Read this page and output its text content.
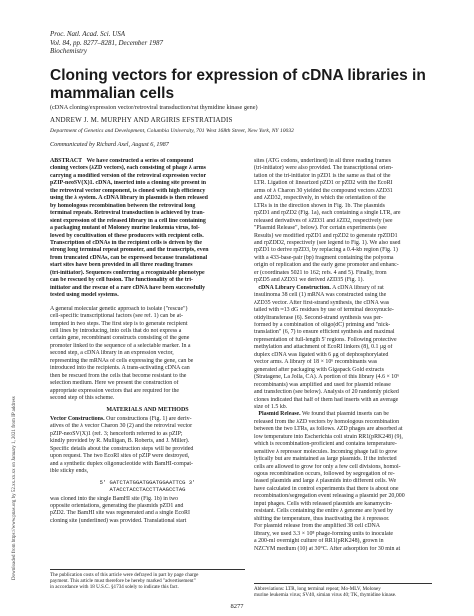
Downloaded from https://www.pnas.org by 52.xx.xx.xx on January 1, 2021 from IP address
Proc. Natl. Acad. Sci. USA
Vol. 84, pp. 8277–8281, December 1987
Biochemistry
Cloning vectors for expression of cDNA libraries in
mammalian cells
(cDNA cloning/expression vector/retroviral transduction/rat thymidine kinase gene)
ANDREW J. M. MURPHY AND ARGIRIS EFSTRATIADIS
Department of Genetics and Development, Columbia University, 701 West 168th Street, New York, NY 10032
Communicated by Richard Axel, August 6, 1987
ABSTRACT We have constructed a series of compound
cloning vectors (λZD vectors), each consisting of phage λ arms
carrying a modified version of the retroviral expression vector
pZIP-neoSV(X)1. cDNA, inserted into a cloning site present in
the retroviral vector component, is cloned with high efficiency
using the λ system. A cDNA library in plasmids is then released
by homologous recombination between the retroviral long
terminal repeats. Retroviral transduction is achieved by tran-
sient expression of the released library in a cell line containing
a packaging mutant of Moloney murine leukemia virus, fol-
lowed by cocultivation of these producers with recipient cells.
Transcription of cDNAs in the recipient cells is driven by the
strong long terminal repeat promoter, and the transcripts, even
from truncated cDNAs, can be expressed because translational
start sites have been provided in all three reading frames
(tri-initiator). Sequences conferring a recognizable phenotype
can be rescued by cell fusion. The functionality of the tri-
initiator and the rescue of a rare cDNA have been successfully
tested using model systems.
A general molecular genetic approach to isolate ("rescue")
cell-specific transcriptional factors (see ref. 1) can be at-
tempted in two steps. The first step is to generate recipient
cell lines by introducing, into cells that do not express a
certain gene, recombinant constructs consisting of the gene
promoter linked to the sequence of a selectable marker. In a
second step, a cDNA library in an expression vector,
representing the mRNAs of cells expressing the gene, can be
introduced into the recipients. A trans-activating cDNA can
then be rescued from the cells that become resistant to the
selection medium. Here we present the construction of
appropriate expression vectors that are required for the
second step of this scheme.
MATERIALS AND METHODS
Vector Constructions. Our constructions (Fig. 1) are deriv-
atives of the λ vector Charon 30 (2) and the retroviral vector
pZIP-neoSV(X)1 (ref. 3; henceforth referred to as pZIP;
kindly provided by R. Mulligan, B. Roberts, and J. Miller).
Specific details about the construction steps will be provided
upon request. The two EcoRI sites of pZIP were destroyed,
and a synthetic duplex oligonucleotide with BamHI-compat-
ible sticky ends,
5' GATCTATGGATGGATGGAATTCG 3'
ATACCTACCTACCTTAAGCCTAG
was cloned into the single BamHI site (Fig. 1b) in two
opposite orientations, generating the plasmids pZD1 and
pZD2. The BamHI site was regenerated and a single EcoRI
cloning site (underlined) was provided. Translational start
sites (ATG codons, underlined) in all three reading frames
(tri-initiator) were also provided. The transcriptional orien-
tation of the tri-initiator in pZD1 is the same as that of the
LTR. Ligation of linearized pZD1 or pZD2 with the EcoRI
arms of λ Charon 30 yielded the compound vectors λZD31
and λZD32, respectively, in which the orientation of the
LTRs is in the direction shown in Fig. 1b. The plasmids
rpZD1 and rpZD2 (Fig. 1a), each containing a single LTR, are
released derivatives of λZD31 and λZD2, respectively (see
"Plasmid Release", below). For certain experiments (see
Results) we modified rpZD1 and rpZD2 to generate rpZDD1
and rpZDD2, respectively (see legend to Fig. 1). We also used
rpZD1 to derive rpZD3, by replacing a 0.4-kb region (Fig. 1)
with a 433-base-pair (bp) fragment containing the polyoma
origin of replication and the early gene promoter and enhanc-
er (coordinates 5021 to 162; refs. 4 and 5). Finally, from
rpZD5 and λZD31 we derived λZD35 (Fig. 1).
cDNA Library Construction. A cDNA library of rat
insulinoma 38 cell (1) mRNA was constructed using the
λZD35 vector. After first-strand synthesis, the cDNA was
tailed with ≈13 dG residues by use of terminal deoxynucle-
otidyltransferase (6). Second-strand synthesis was per-
formed by a combination of oligo(dC) priming and "nick-
translation" (6, 7) to ensure efficient synthesis and maximal
representation of full-length 5' regions. Following protective
methylation and attachment of EcoRI linkers (8), 0.1 μg of
duplex cDNA was ligated with 6 μg of dephosphorylated
vector arms. A library of 18 × 10⁶ recombinants was
generated after packaging with Gigapack Gold extracts
(Stratagene, La Jolla, CA). A portion of this library (4.6 × 10⁶
recombinants) was amplified and used for plasmid release
and transfection (see below). Analysis of 20 randomly picked
clones indicated that half of them had inserts with an average
size of 1.5 kb.
Plasmid Release. We found that plasmid inserts can be
released from the λZD vectors by homologous recombination
between the two LTRs, as follows. λZD phages are absorbed at
low temperature into Escherichia coli strain RR1(pRK248) (9),
which is recombination-proficient and contains temperature-
sensitive λ repressor molecules. Incoming phage fail to grow
lytically but are maintained as large plasmids. If the infected
cells are allowed to grow for only a few cell divisions, homol-
ogous recombination occurs, followed by segregation of re-
leased plasmids and large λ plasmids into different cells. We
have calculated in control experiments that there is about one
recombination/segregation event releasing a plasmid per 20,000
input phages. Cells with released plasmids are kanamycin-
resistant. Cells containing the entire λ genome are lysed by
shifting the temperature, thus inactivating the λ repressor.
For plasmid release from the amplified 38 cell cDNA
library, we used 3.3 × 10⁸ phage-forming units to inoculate
a 200-ml overnight culture of RR1(pRK248), grown in
NZCYM medium (10) at 30°C. After adsorption for 30 min at
The publication costs of this article were defrayed in part by page charge
payment. This article must therefore be hereby marked "advertisement"
in accordance with 18 U.S.C. §1734 solely to indicate this fact.	Abbreviations: LTR, long terminal repeat; Mo-MLV, Moloney
murine leukemia virus; SV40, simian virus 40; TK, thymidine kinase.
8277
